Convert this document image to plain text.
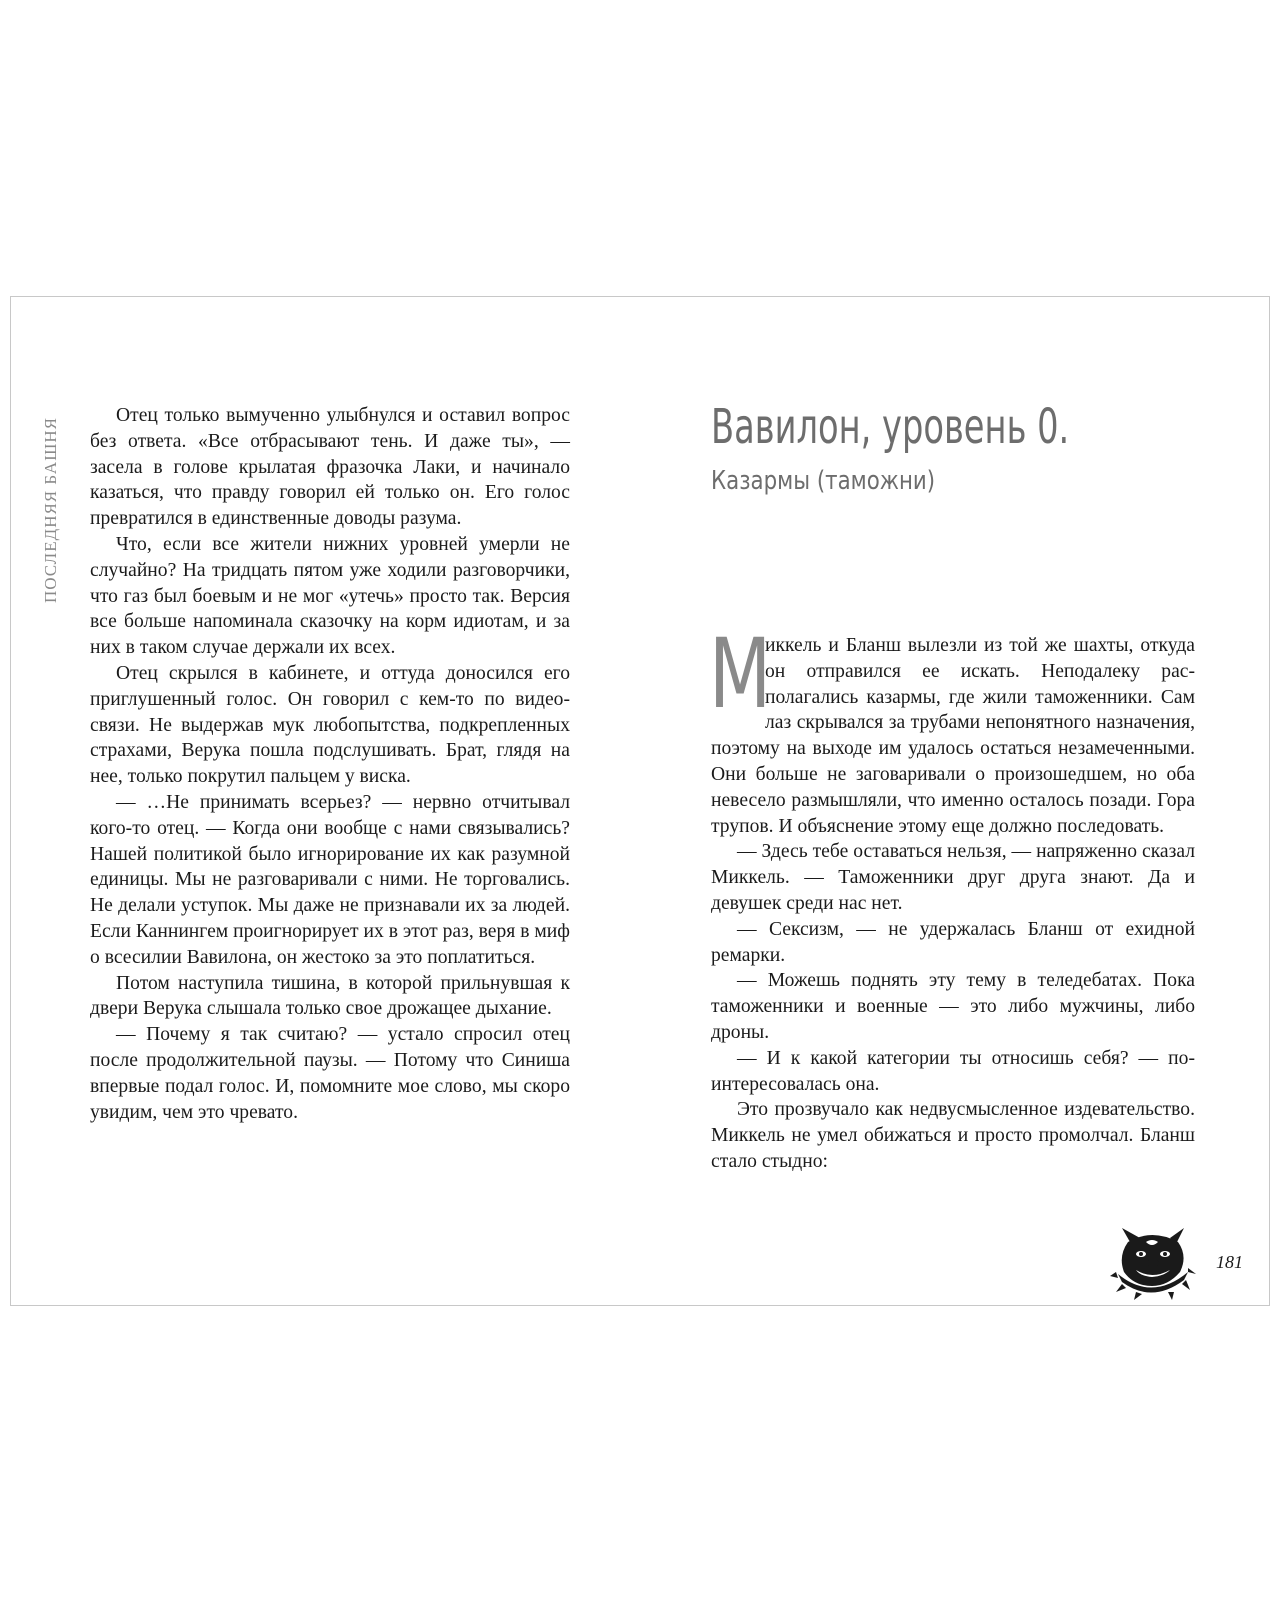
ПОСЛЕДНЯЯ БАШНЯ

Отец только вымученно улыбнулся и оставил вопрос без ответа. «Все отбрасывают тень. И даже ты», — засела в голове крылатая фразочка Лаки, и начинало казаться, что правду говорил ей только он. Его голос превратился в единственные доводы разума.

Что, если все жители нижних уровней умерли не случайно? На тридцать пятом уже ходили разговорчики, что газ был боевым и не мог «утечь» просто так. Версия все больше напоминала сказочку на корм идиотам, и за них в таком случае держали их всех.

Отец скрылся в кабинете, и оттуда доносился его приглушенный голос. Он говорил с кем-то по видеосвязи. Не выдержав мук любопытства, подкрепленных страхами, Верука пошла подслушивать. Брат, глядя на нее, только покрутил пальцем у виска.

— …Не принимать всерьез? — нервно отчитывал кого-то отец. — Когда они вообще с нами связывались? Нашей политикой было игнорирование их как разумной единицы. Мы не разговаривали с ними. Не торговались. Не делали уступок. Мы даже не признавали их за людей. Если Каннингем проигнорирует их в этот раз, веря в миф о всесилии Вавилона, он жестоко за это поплатиться.

Потом наступила тишина, в которой прильнувшая к двери Верука слышала только свое дрожащее дыхание.

— Почему я так считаю? — устало спросил отец после продолжительной паузы. — Потому что Синиша впервые подал голос. И, помомните мое слово, мы скоро увидим, чем это чревато.

Вавилон, уровень 0.
Казармы (таможни)

М
иккель и Бланш вылезли из той же шахты, откуда он отправился ее искать. Неподалеку располагались казармы, где жили таможенники. Сам лаз скрывался за трубами непонятного назначения, поэтому на выходе им удалось остаться незамеченными. Они больше не заговаривали о произошедшем, но оба невесело размышляли, что именно осталось позади. Гора трупов. И объяснение этому еще должно последовать.

— Здесь тебе оставаться нельзя, — напряженно сказал Миккель. — Таможенники друг друга знают. Да и девушек среди нас нет.

— Сексизм, — не удержалась Бланш от ехидной ремарки.

— Можешь поднять эту тему в теледебатах. Пока таможенники и военные — это либо мужчины, либо дроны.

— И к какой категории ты относишь себя? — поинтересовалась она.

Это прозвучало как недвусмысленное издевательство. Миккель не умел обижаться и просто промолчал. Бланш стало стыдно:

181
